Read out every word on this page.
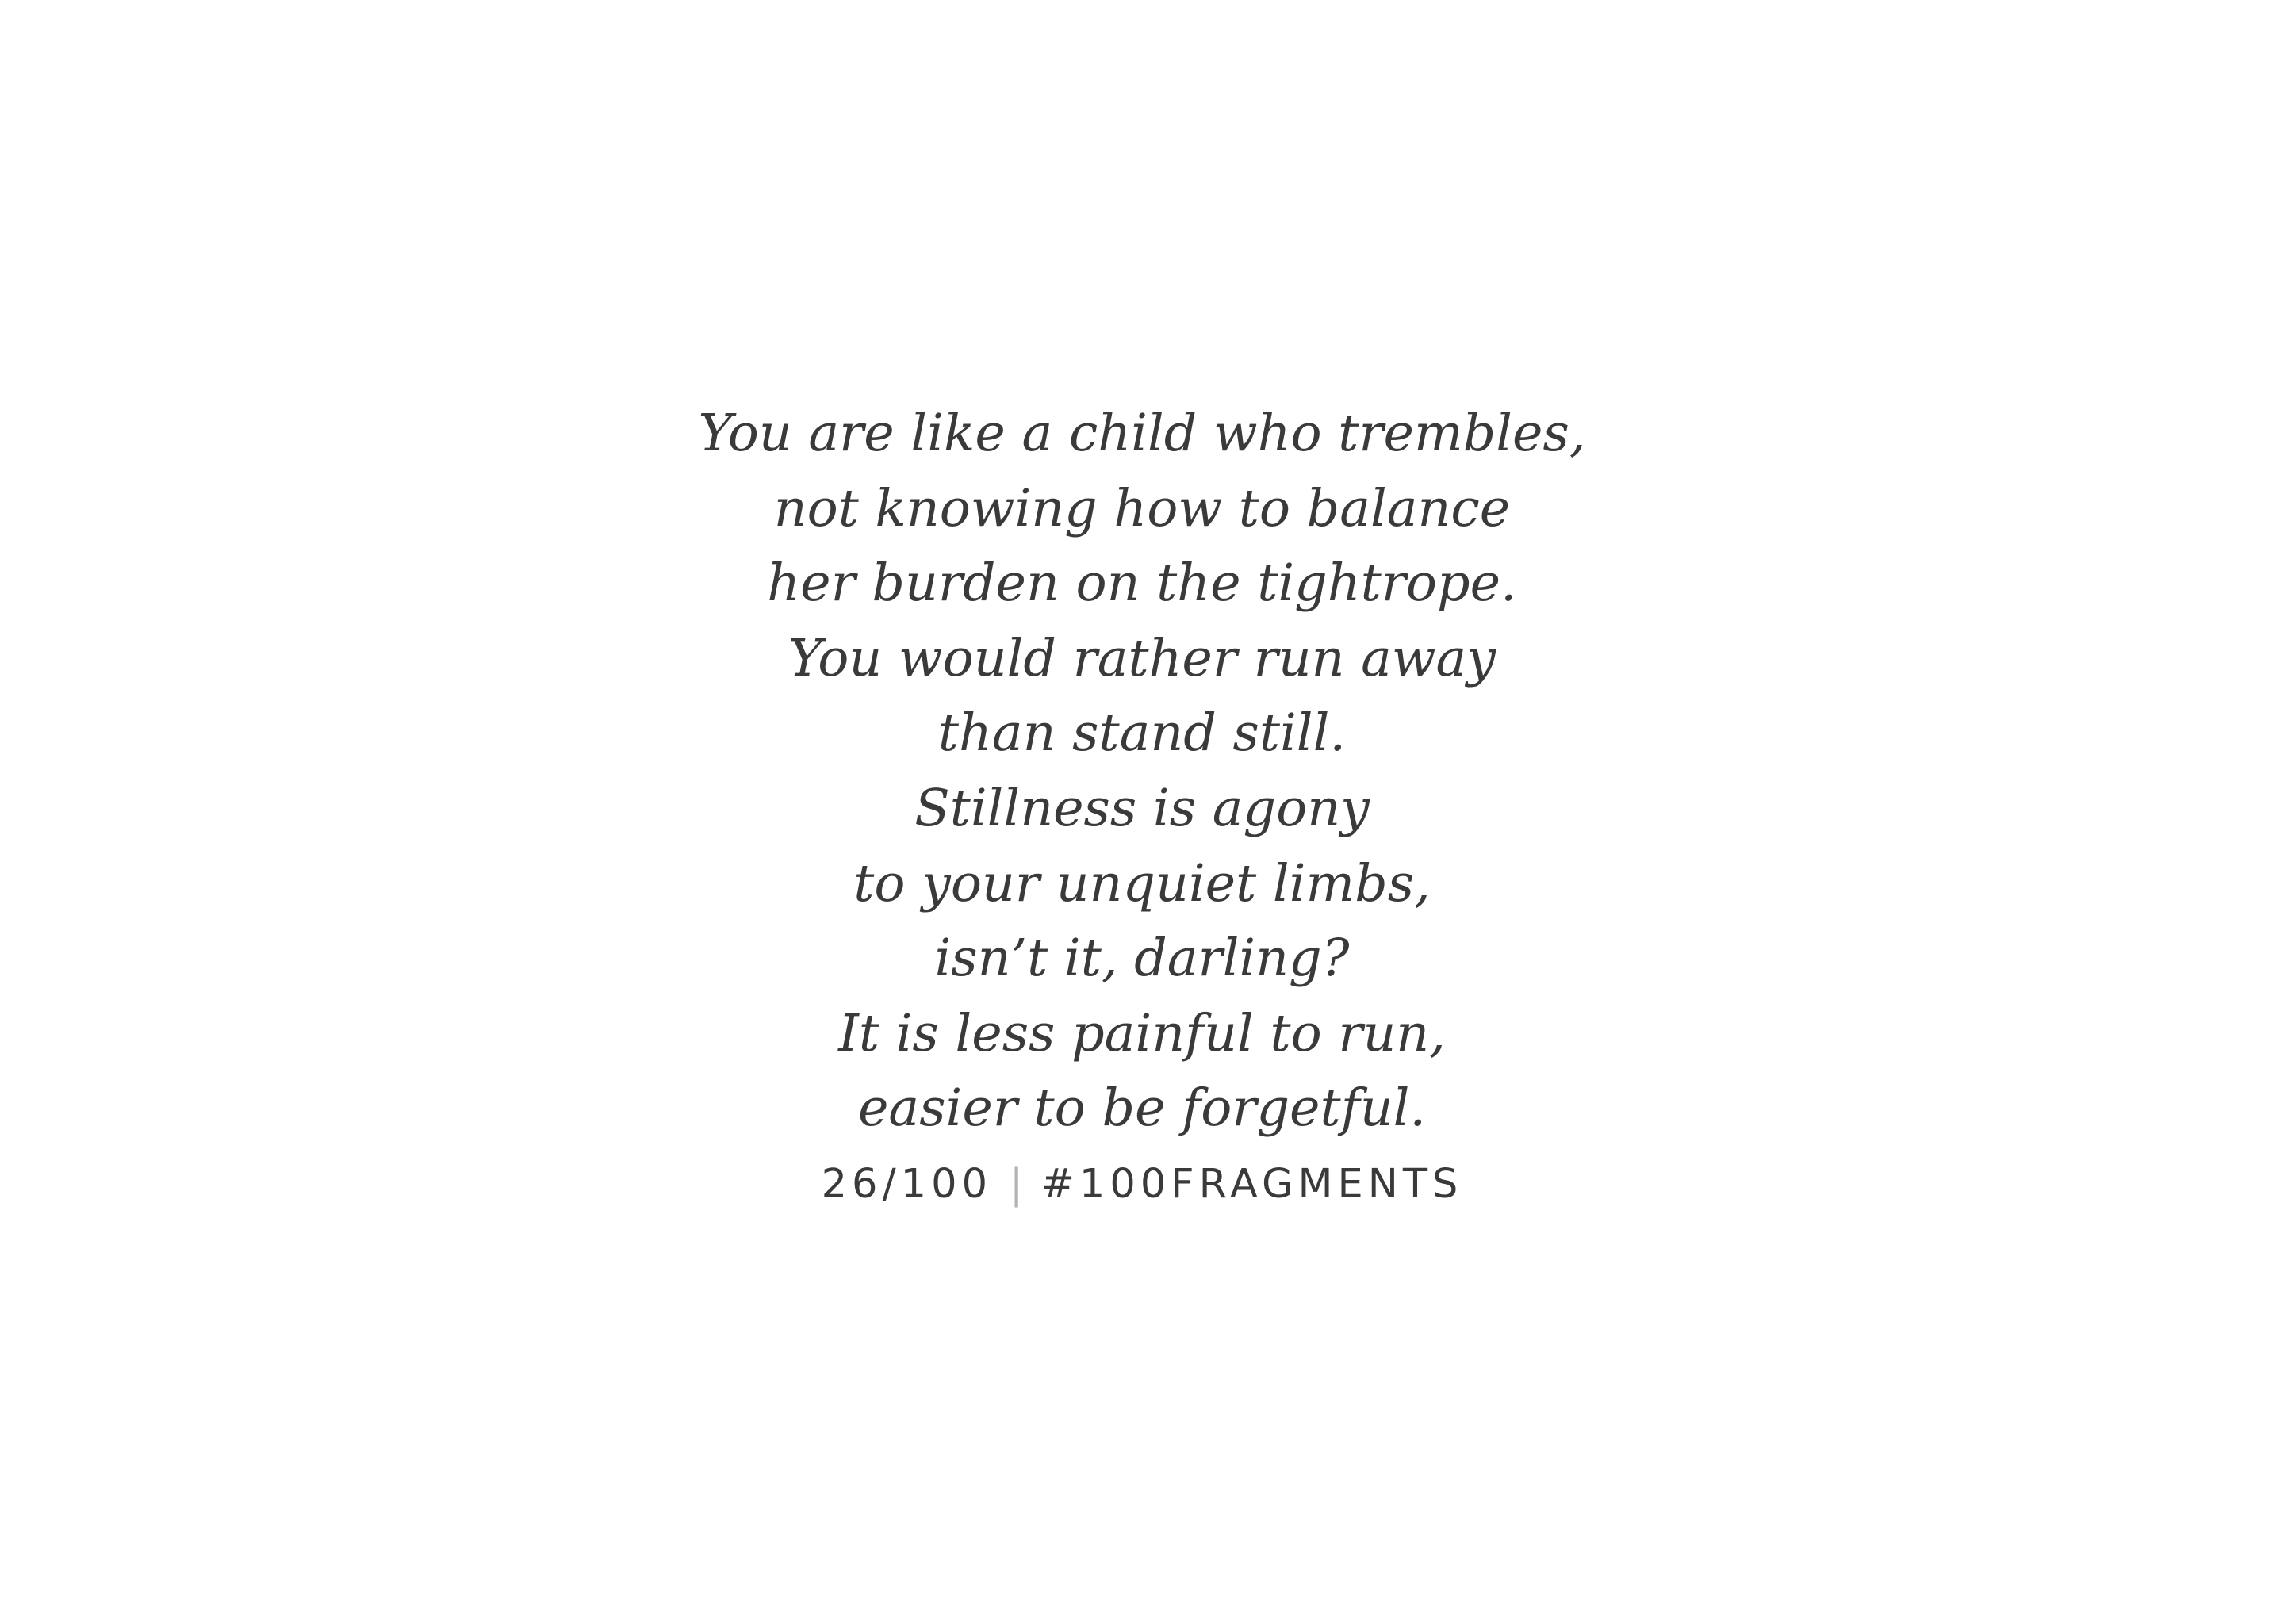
You are like a child who trembles,
not knowing how to balance
her burden on the tightrope.
You would rather run away
than stand still.
Stillness is agony
to your unquiet limbs,
isn’t it, darling?
It is less painful to run,
easier to be forgetful.
26/100 | #100FRAGMENTS
